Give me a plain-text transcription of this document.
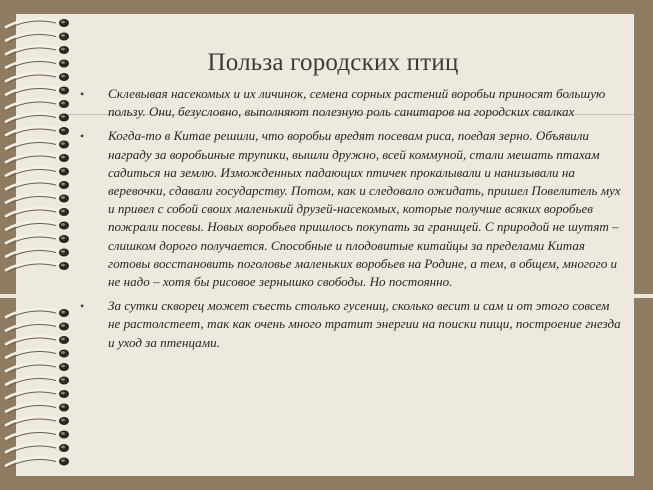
Польза городских птиц
• Склевывая насекомых и их личинок, семена сорных растений воробьи приносят большую пользу. Они, безусловно, выполняют полезную роль санитаров на городских свалках
• Когда-то в Китае решили, что воробьи вредят посевам риса, поедая зерно. Объявили награду за воробьиные трупики, вышли дружно, всей коммуной, стали мешать птахам садиться на землю. Изможденных падающих птичек прокалывали и нанизывали на веревочки, сдавали государству. Потом, как и следовало ожидать, пришел Повелитель мух и привел с собой своих маленький друзей-насекомых, которые получше всяких воробьев пожрали посевы. Новых воробьев пришлось покупать за границей. С природой не шутят – слишком дорого получается. Способные и плодовитые китайцы за пределами Китая готовы восстановить поголовье маленьких воробьев на Родине, а тем, в общем, многого и не надо – хотя бы рисовое зернышко свободы. Но постоянно.
• За сутки скворец может съесть столько гусениц, сколько весит и сам и от этого совсем не растолстеет, так как очень много тратит энергии на поиски пищи, построение гнезда и уход за птенцами.
